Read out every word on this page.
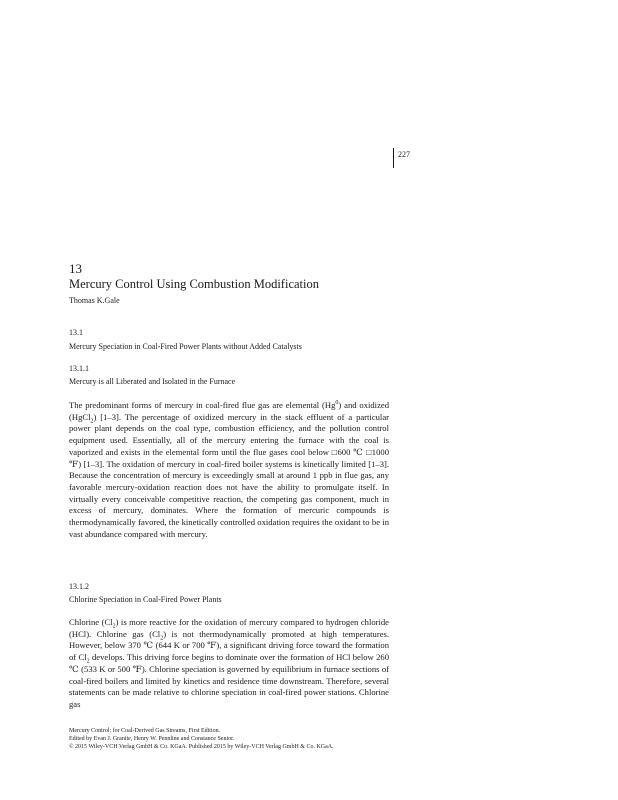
227
13
Mercury Control Using Combustion Modification
Thomas K.Gale
13.1
Mercury Speciation in Coal-Fired Power Plants without Added Catalysts
13.1.1
Mercury is all Liberated and Isolated in the Furnace

The predominant forms of mercury in coal-fired flue gas are elemental (Hg$^0$) and oxidized (HgCl$_2$) [1–3]. The percentage of oxidized mercury in the stack effluent of a particular power plant depends on the coal type, combustion efficiency, and the pollution control equipment used. Essentially, all of the mercury entering the furnace with the coal is vaporized and exists in the elemental form until the flue gases cool below □600 ℃ □1000 ℉) [1–3]. The oxidation of mercury in coal-fired boiler systems is kinetically limited [1–3]. Because the concentration of mercury is exceedingly small at around 1 ppb in flue gas, any favorable mercury-oxidation reaction does not have the ability to promulgate itself. In virtually every conceivable competitive reaction, the competing gas component, much in excess of mercury, dominates. Where the formation of mercuric compounds is thermodynamically favored, the kinetically controlled oxidation requires the oxidant to be in vast abundance compared with mercury.

13.1.2
Chlorine Speciation in Coal-Fired Power Plants

Chlorine $(Cl_2)$ is more reactive for the oxidation of mercury compared to hydrogen chloride (HCl). Chlorine gas $(Cl_2)$ is not thermodynamically promoted at high temperatures. However, below 370 ℃ (644 K or 700 ℉), a significant driving force toward the formation of $Cl_2$ develops. This driving force begins to dominate over the formation of HCl below 260 ℃ (533 K or 500 ℉). Chlorine speciation is governed by equilibrium in furnace sections of coal-fired boilers and limited by kinetics and residence time downstream. Therefore, several statements can be made relative to chlorine speciation in coal-fired power stations. Chlorine gas

Mercury Control: for Coal-Derived Gas Streams, First Edition.
Edited by Evan J. Granite, Henry W. Pennline and Constance Senior.
© 2015 Wiley-VCH Verlag GmbH & Co. KGaA. Published 2015 by Wiley-VCH Verlag GmbH & Co. KGaA.
